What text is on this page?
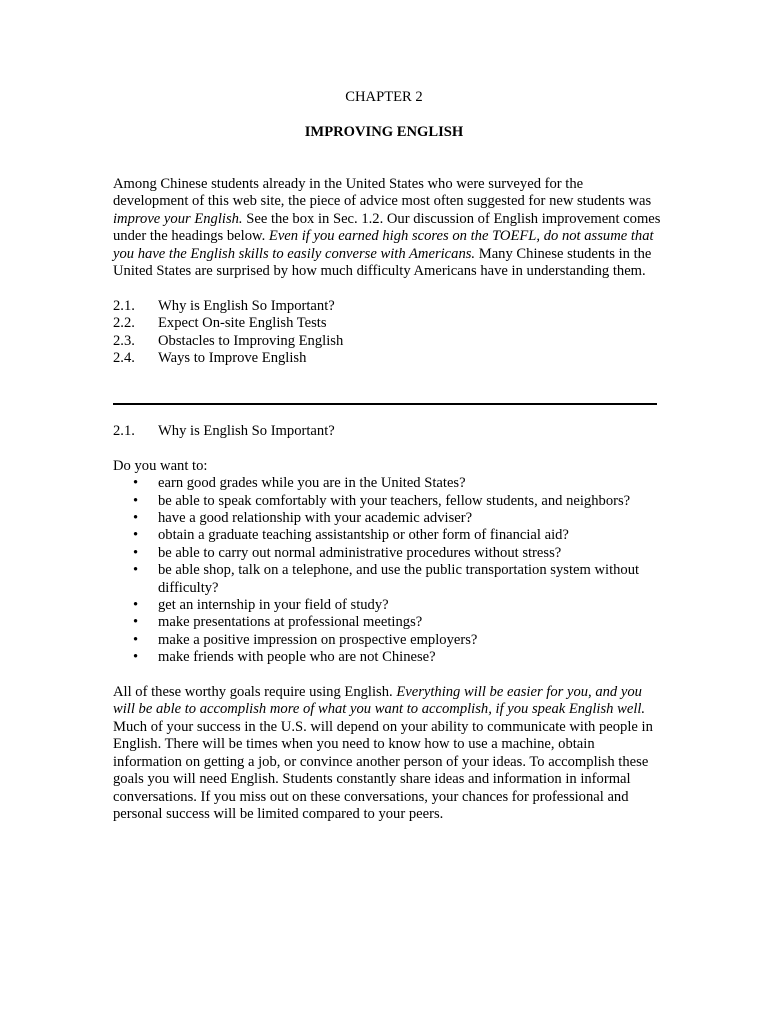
CHAPTER 2
IMPROVING ENGLISH

Among Chinese students already in the United States who were surveyed for the development of this web site, the piece of advice most often suggested for new students was improve your English. See the box in Sec. 1.2. Our discussion of English improvement comes under the headings below. Even if you earned high scores on the TOEFL, do not assume that you have the English skills to easily converse with Americans. Many Chinese students in the United States are surprised by how much difficulty Americans have in understanding them.

2.1.	Why is English So Important?
2.2.	Expect On-site English Tests
2.3.	Obstacles to Improving English
2.4.	Ways to Improve English
2.1.	Why is English So Important?

Do you want to:

• earn good grades while you are in the United States?
• be able to speak comfortably with your teachers, fellow students, and neighbors?
• have a good relationship with your academic adviser?
• obtain a graduate teaching assistantship or other form of financial aid?
• be able to carry out normal administrative procedures without stress?
• be able shop, talk on a telephone, and use the public transportation system without difficulty?
• get an internship in your field of study?
• make presentations at professional meetings?
• make a positive impression on prospective employers?
• make friends with people who are not Chinese?

All of these worthy goals require using English. Everything will be easier for you, and you will be able to accomplish more of what you want to accomplish, if you speak English well. Much of your success in the U.S. will depend on your ability to communicate with people in English. There will be times when you need to know how to use a machine, obtain information on getting a job, or convince another person of your ideas. To accomplish these goals you will need English. Students constantly share ideas and information in informal conversations. If you miss out on these conversations, your chances for professional and personal success will be limited compared to your peers.
